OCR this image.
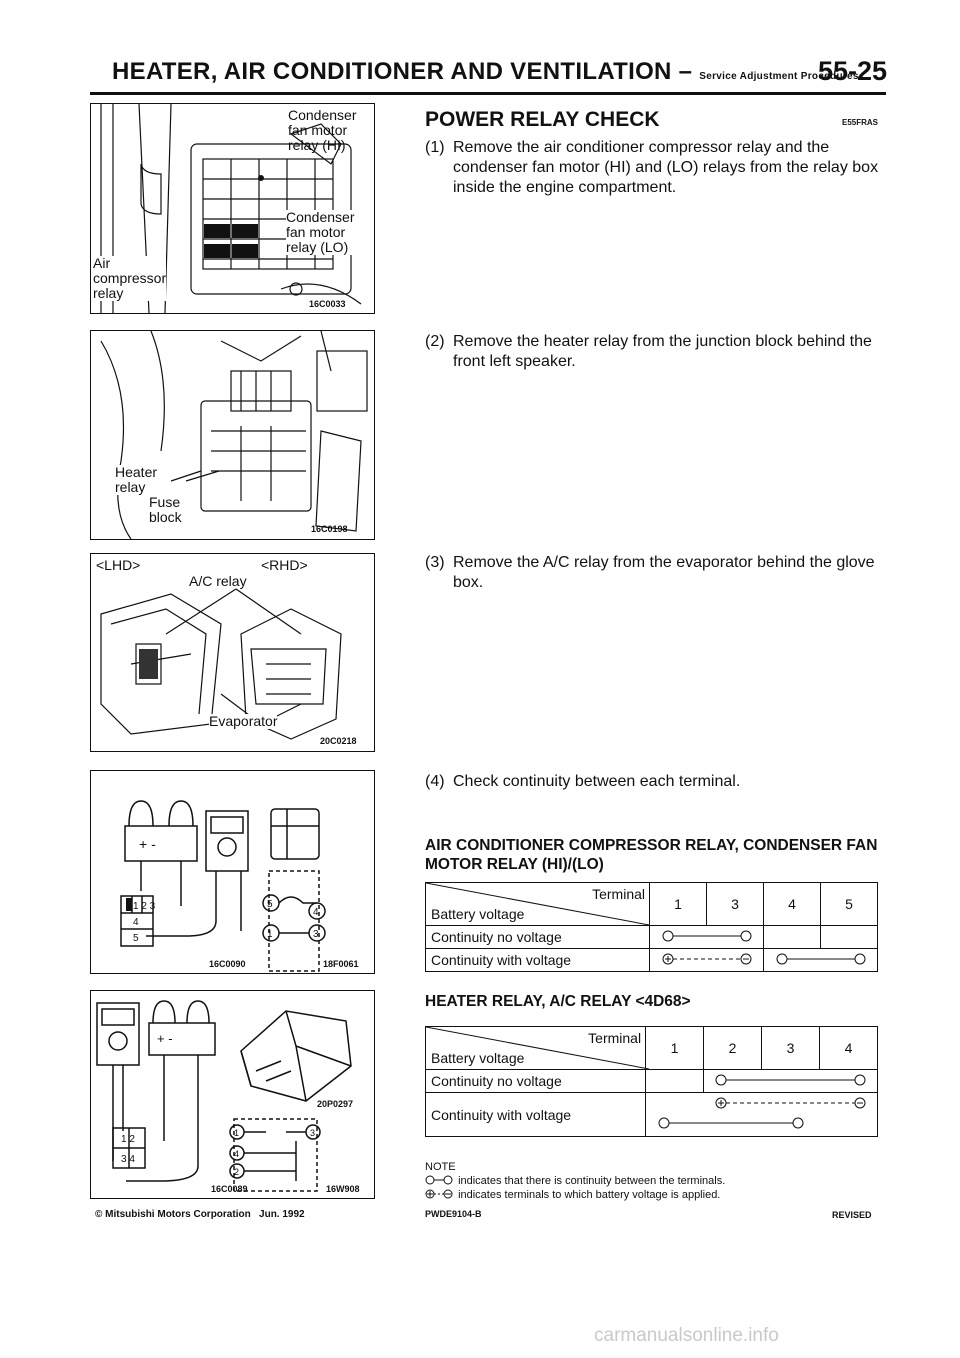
HEATER, AIR CONDITIONER AND VENTILATION – Service Adjustment Procedures
55-25
Condenser
fan motor
relay (HI)
Condenser
fan motor
relay (LO)
Air
compressor
relay
16C0033
Heater
relay
Fuse
block
16C0198
<LHD>	<RHD>
A/C relay
Evaporator
20C0218
+ -
5
4
1	3
1 2 3
4
5
16C0090	18F0061
+ -
1	3
4
2
1 2
3 4
20P0297
16C0089	16W908
POWER RELAY CHECK	E55FRAS
(1) Remove the air conditioner compressor relay and the condenser fan motor (HI) and (LO) relays from the relay box inside the engine compartment.
(2) Remove the heater relay from the junction block behind the front left speaker.
(3) Remove the A/C relay from the evaporator behind the glove box.
(4) Check continuity between each terminal.
AIR CONDITIONER COMPRESSOR RELAY, CONDENSER FAN MOTOR RELAY (HI)/(LO)
Terminal
Battery voltage	1	3	4	5
Continuity no voltage			
Continuity with voltage		
HEATER RELAY, A/C RELAY <4D68>
Terminal
Battery voltage	1	2	3	4
Continuity no voltage		
Continuity with voltage	
NOTE
indicates that there is continuity between the terminals.
indicates terminals to which battery voltage is applied.
© Mitsubishi Motors Corporation   Jun. 1992	PWDE9104-B	REVISED
carmanualsonline.info
